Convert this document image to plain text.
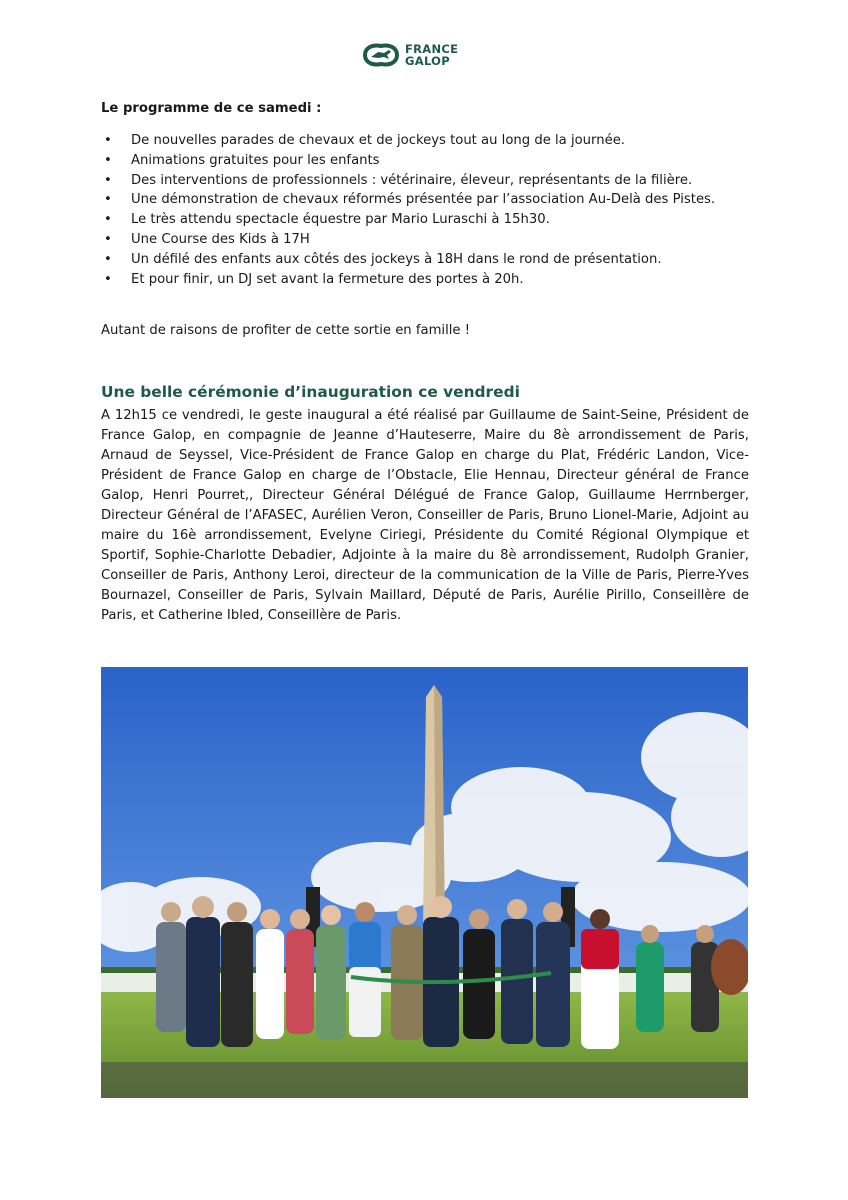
FRANCE
GALOP

Le programme de ce samedi :

• De nouvelles parades de chevaux et de jockeys tout au long de la journée.
• Animations gratuites pour les enfants
• Des interventions de professionnels : vétérinaire, éleveur, représentants de la filière.
• Une démonstration de chevaux réformés présentée par l’association Au-Delà des Pistes.
• Le très attendu spectacle équestre par Mario Luraschi à 15h30.
• Une Course des Kids à 17H
• Un défilé des enfants aux côtés des jockeys à 18H dans le rond de présentation.
• Et pour finir, un DJ set avant la fermeture des portes à 20h.

Autant de raisons de profiter de cette sortie en famille !

Une belle cérémonie d’inauguration ce vendredi

A 12h15 ce vendredi, le geste inaugural a été réalisé par Guillaume de Saint-Seine, Président de France Galop, en compagnie de Jeanne d’Hauteserre, Maire du 8è arrondissement de Paris, Arnaud de Seyssel, Vice-Président de France Galop en charge du Plat, Frédéric Landon, Vice-Président de France Galop en charge de l’Obstacle, Elie Hennau, Directeur général de France Galop, Henri Pourret,, Directeur Général Délégué de France Galop, Guillaume Herrnberger, Directeur Général de l’AFASEC, Aurélien Veron, Conseiller de Paris, Bruno Lionel-Marie, Adjoint au maire du 16è arrondissement, Evelyne Ciriegi, Présidente du Comité Régional Olympique et Sportif, Sophie-Charlotte Debadier, Adjointe à la maire du 8è arrondissement, Rudolph Granier, Conseiller de Paris, Anthony Leroi, directeur de la communication de la Ville de Paris, Pierre-Yves Bournazel, Conseiller de Paris, Sylvain Maillard, Député de Paris, Aurélie Pirillo, Conseillère de Paris, et Catherine Ibled, Conseillère de Paris.
